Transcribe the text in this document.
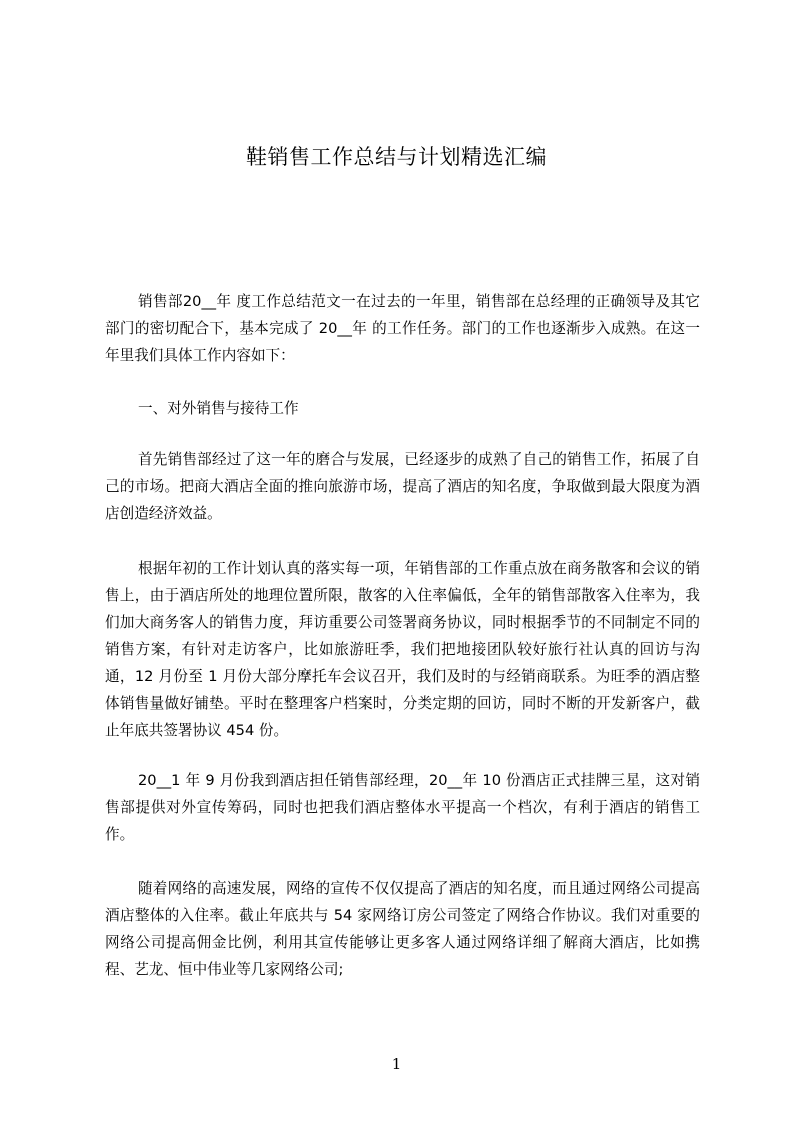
鞋销售工作总结与计划精选汇编

销售部20__年 度工作总结范文一在过去的一年里，销售部在总经理的正确领导及其它部门的密切配合下，基本完成了 20__年 的工作任务。部门的工作也逐渐步入成熟。在这一年里我们具体工作内容如下：

一、对外销售与接待工作

首先销售部经过了这一年的磨合与发展，已经逐步的成熟了自己的销售工作，拓展了自己的市场。把商大酒店全面的推向旅游市场，提高了酒店的知名度，争取做到最大限度为酒店创造经济效益。

根据年初的工作计划认真的落实每一项，年销售部的工作重点放在商务散客和会议的销售上，由于酒店所处的地理位置所限，散客的入住率偏低，全年的销售部散客入住率为，我们加大商务客人的销售力度，拜访重要公司签署商务协议，同时根据季节的不同制定不同的销售方案，有针对走访客户，比如旅游旺季，我们把地接团队较好旅行社认真的回访与沟通，12 月份至 1 月份大部分摩托车会议召开，我们及时的与经销商联系。为旺季的酒店整体销售量做好铺垫。平时在整理客户档案时，分类定期的回访，同时不断的开发新客户，截止年底共签署协议 454 份。

20__1 年 9 月份我到酒店担任销售部经理，20__年 10 份酒店正式挂牌三星，这对销售部提供对外宣传筹码，同时也把我们酒店整体水平提高一个档次，有利于酒店的销售工作。

随着网络的高速发展，网络的宣传不仅仅提高了酒店的知名度，而且通过网络公司提高酒店整体的入住率。截止年底共与 54 家网络订房公司签定了网络合作协议。我们对重要的网络公司提高佣金比例，利用其宣传能够让更多客人通过网络详细了解商大酒店，比如携程、艺龙、恒中伟业等几家网络公司;

1
